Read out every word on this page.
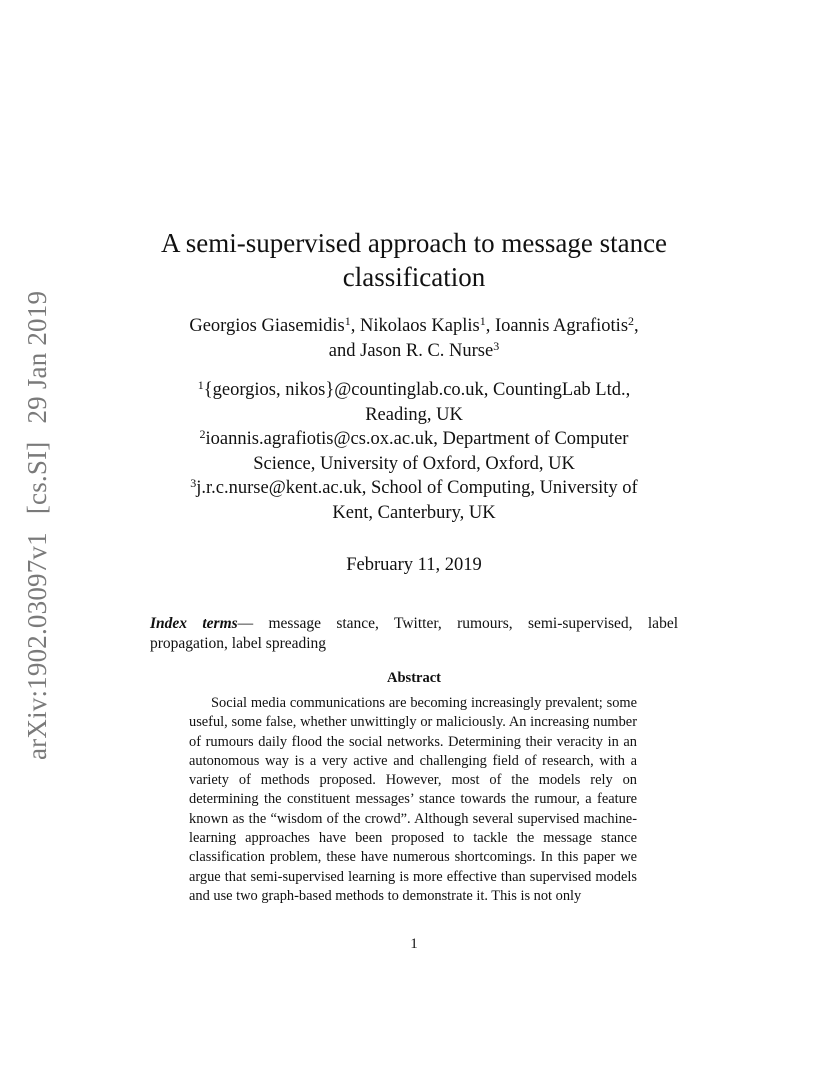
arXiv:1902.03097v1[cs.SI]29 Jan 2019
A semi-supervised approach to message stance
classification
Georgios Giasemidis$^1$, Nikolaos Kaplis$^1$, Ioannis Agrafiotis$^2$,
and Jason R. C. Nurse$^3$
$^1${georgios, nikos}@countinglab.co.uk, CountingLab Ltd.,
Reading, UK
$^2$ioannis.agrafiotis@cs.ox.ac.uk, Department of Computer
Science, University of Oxford, Oxford, UK
$^3$j.r.c.nurse@kent.ac.uk, School of Computing, University of
Kent, Canterbury, UK
February 11, 2019
Index terms— message stance, Twitter, rumours, semi-supervised, label propagation, label spreading
Abstract

Social media communications are becoming increasingly prevalent; some useful, some false, whether unwittingly or maliciously. An increasing number of rumours daily flood the social networks. Determining their veracity in an autonomous way is a very active and challenging field of research, with a variety of methods proposed. However, most of the models rely on determining the constituent messages’ stance towards the rumour, a feature known as the “wisdom of the crowd”. Although several supervised machine-learning approaches have been proposed to tackle the message stance classification problem, these have numerous shortcomings. In this paper we argue that semi-supervised learning is more effective than supervised models and use two graph-based methods to demonstrate it. This is not only

1
